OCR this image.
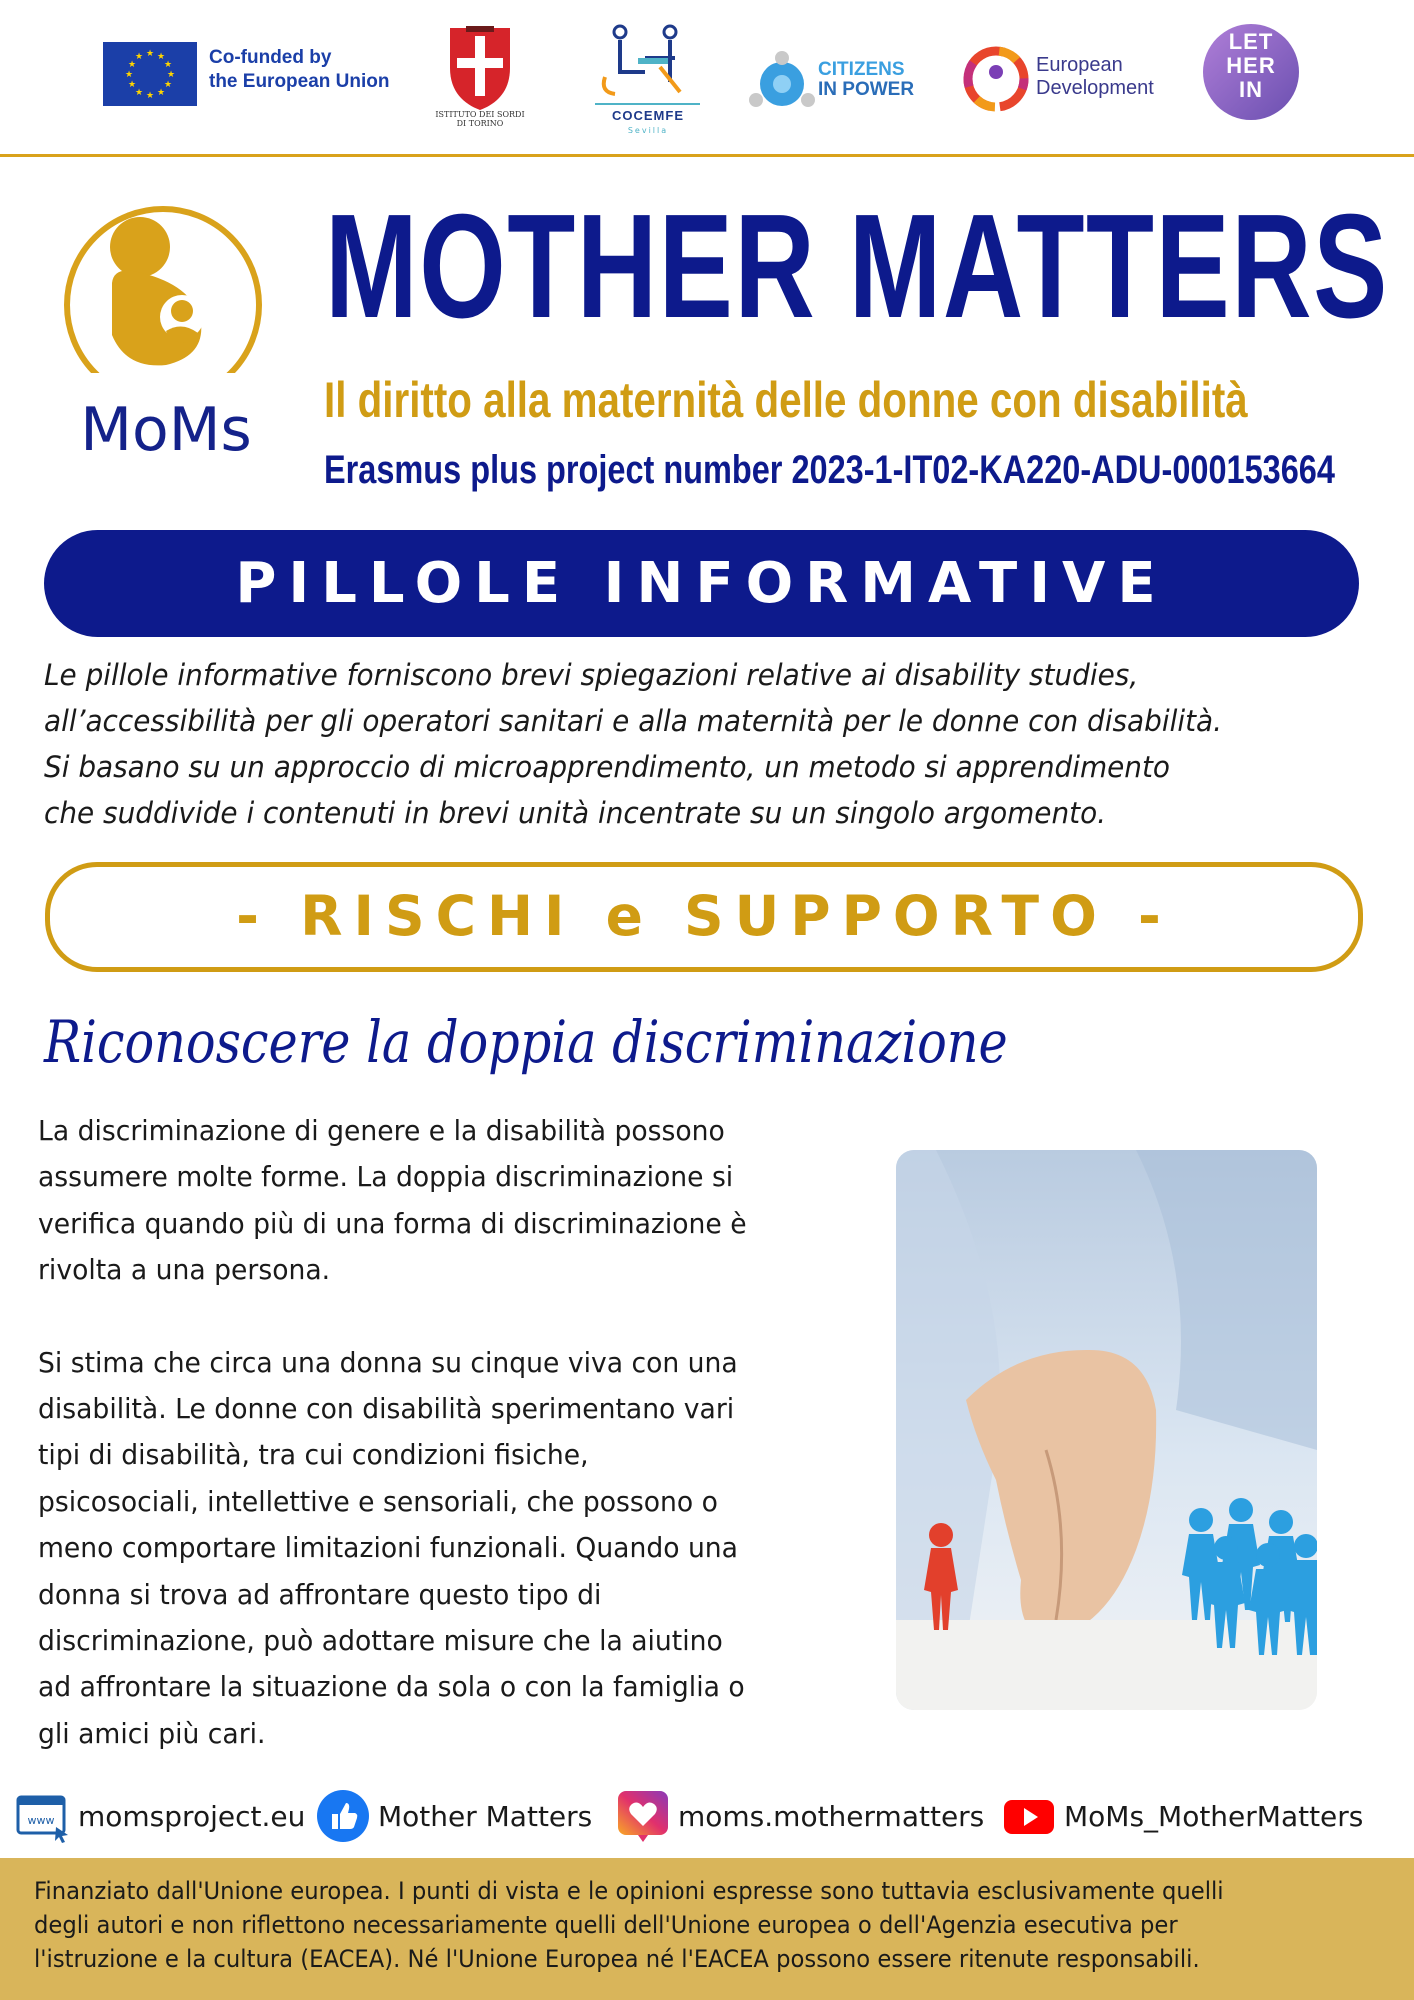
★ ★
★
★
★
★
★
★
★
★
★
★	Co-funded by
the European Union
ISTITUTO DEI SORDI
DI TORINO
COCEMFE
Sevilla
CITIZENS
IN POWER
European
Development
LET
HER
IN
MoMs
MOTHER MATTERS
Il diritto alla maternità delle donne con disabilità
Erasmus plus project number 2023-1-IT02-KA220-ADU-000153664
PILLOLE INFORMATIVE
Le pillole informative forniscono brevi spiegazioni relative ai disability studies,
all’accessibilità per gli operatori sanitari e alla maternità per le donne con disabilità.
Si basano su un approccio di microapprendimento, un metodo si apprendimento
che suddivide i contenuti in brevi unità incentrate su un singolo argomento.
- RISCHI e SUPPORTO -
Riconoscere la doppia discriminazione
La discriminazione di genere e la disabilità possono
assumere molte forme. La doppia discriminazione si
verifica quando più di una forma di discriminazione è
rivolta a una persona.
Si stima che circa una donna su cinque viva con una
disabilità. Le donne con disabilità sperimentano vari
tipi di disabilità, tra cui condizioni fisiche,
psicosociali, intellettive e sensoriali, che possono o
meno comportare limitazioni funzionali. Quando una
donna si trova ad affrontare questo tipo di
discriminazione, può adottare misure che la aiutino
ad affrontare la situazione da sola o con la famiglia o
gli amici più cari.
www momsproject.eu	Mother Matters	moms.mothermatters	MoMs_MotherMatters
Finanziato dall'Unione europea. I punti di vista e le opinioni espresse sono tuttavia esclusivamente quelli
degli autori e non riflettono necessariamente quelli dell'Unione europea o dell'Agenzia esecutiva per
l'istruzione e la cultura (EACEA). Né l'Unione Europea né l'EACEA possono essere ritenute responsabili.
